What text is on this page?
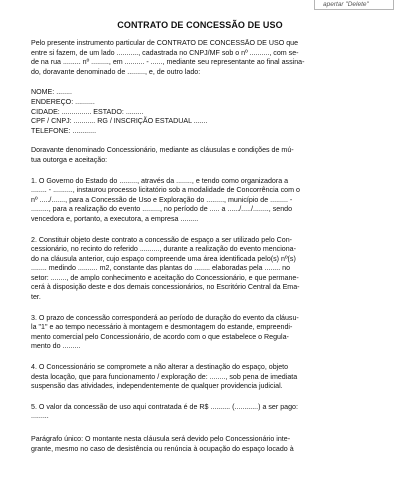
apertar "Delete"
CONTRATO DE CONCESSÃO DE USO
Pelo presente instrumento particular de CONTRATO DE CONCESSÃO DE USO que
entre si fazem, de um lado ..........., cadastrada no CNPJ/MF sob o nº .........., com se-
de na rua ......... nº ........., em .......... - ......, mediante seu representante ao final assina-
do, doravante denominado de ........., e, de outro lado:
NOME: ........
ENDEREÇO: ..........
CIDADE: ............... ESTADO: .........
CPF / CNPJ: ........... RG / INSCRIÇÃO ESTADUAL .......
TELEFONE: ............
Doravante denominado Concessionário, mediante as cláusulas e condições de mú-
tua outorga e aceitação:
1. O Governo do Estado do ........., através da ........, e tendo como organizadora a
........ - .........., instaurou processo licitatório sob a modalidade de Concorrência com o
nº ...../......., para a Concessão de Uso e Exploração do ........., município de ......... -
........., para a realização do evento ........., no período de ..... a ....../...../........, sendo
vencedora e, portanto, a executora, a empresa .........
2. Constituir objeto deste contrato a concessão de espaço a ser utilizado pelo Con-
cessionário, no recinto do referido .........., durante a realização do evento menciona-
do na cláusula anterior, cujo espaço compreende uma área identificada pelo(s) nº(s)
........ medindo .......... m2, constante das plantas do ........ elaboradas pela ........ no
setor: ........, de amplo conhecimento e aceitação do Concessionário, e que permane-
cerá à disposição deste e dos demais concessionários, no Escritório Central da Ema-
ter.
3. O prazo de concessão corresponderá ao período de duração do evento da cláusu-
la "1" e ao tempo necessário à montagem e desmontagem do estande, empreendi-
mento comercial pelo Concessionário, de acordo com o que estabelece o Regula-
mento do .........
4. O Concessionário se compromete a não alterar a destinação do espaço, objeto
desta locação, que para funcionamento / exploração de: ........, sob pena de imediata
suspensão das atividades, independentemente de qualquer providencia judicial.
5. O valor da concessão de uso aqui contratada é de R$ .......... (............) a ser pago:
.........
Parágrafo único: O montante nesta cláusula será devido pelo Concessionário inte-
grante, mesmo no caso de desistência ou renúncia à ocupação do espaço locado à
